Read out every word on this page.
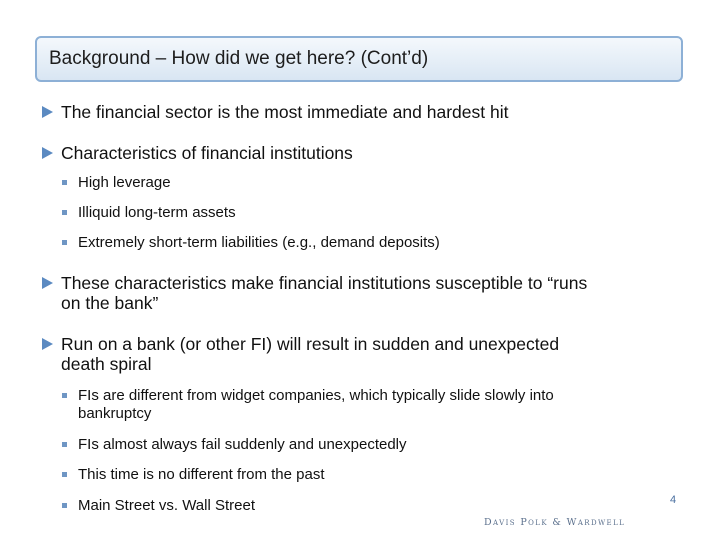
Background – How did we get here? (Cont’d)
The financial sector is the most immediate and hardest hit
Characteristics of financial institutions
High leverage
Illiquid long-term assets
Extremely short-term liabilities (e.g., demand deposits)
These characteristics make financial institutions susceptible to “runs
on the bank”
Run on a bank (or other FI) will result in sudden and unexpected
death spiral
FIs are different from widget companies, which typically slide slowly into
bankruptcy
FIs almost always fail suddenly and unexpectedly
This time is no different from the past
Main Street vs. Wall Street	4
Davis Polk & Wardwell
